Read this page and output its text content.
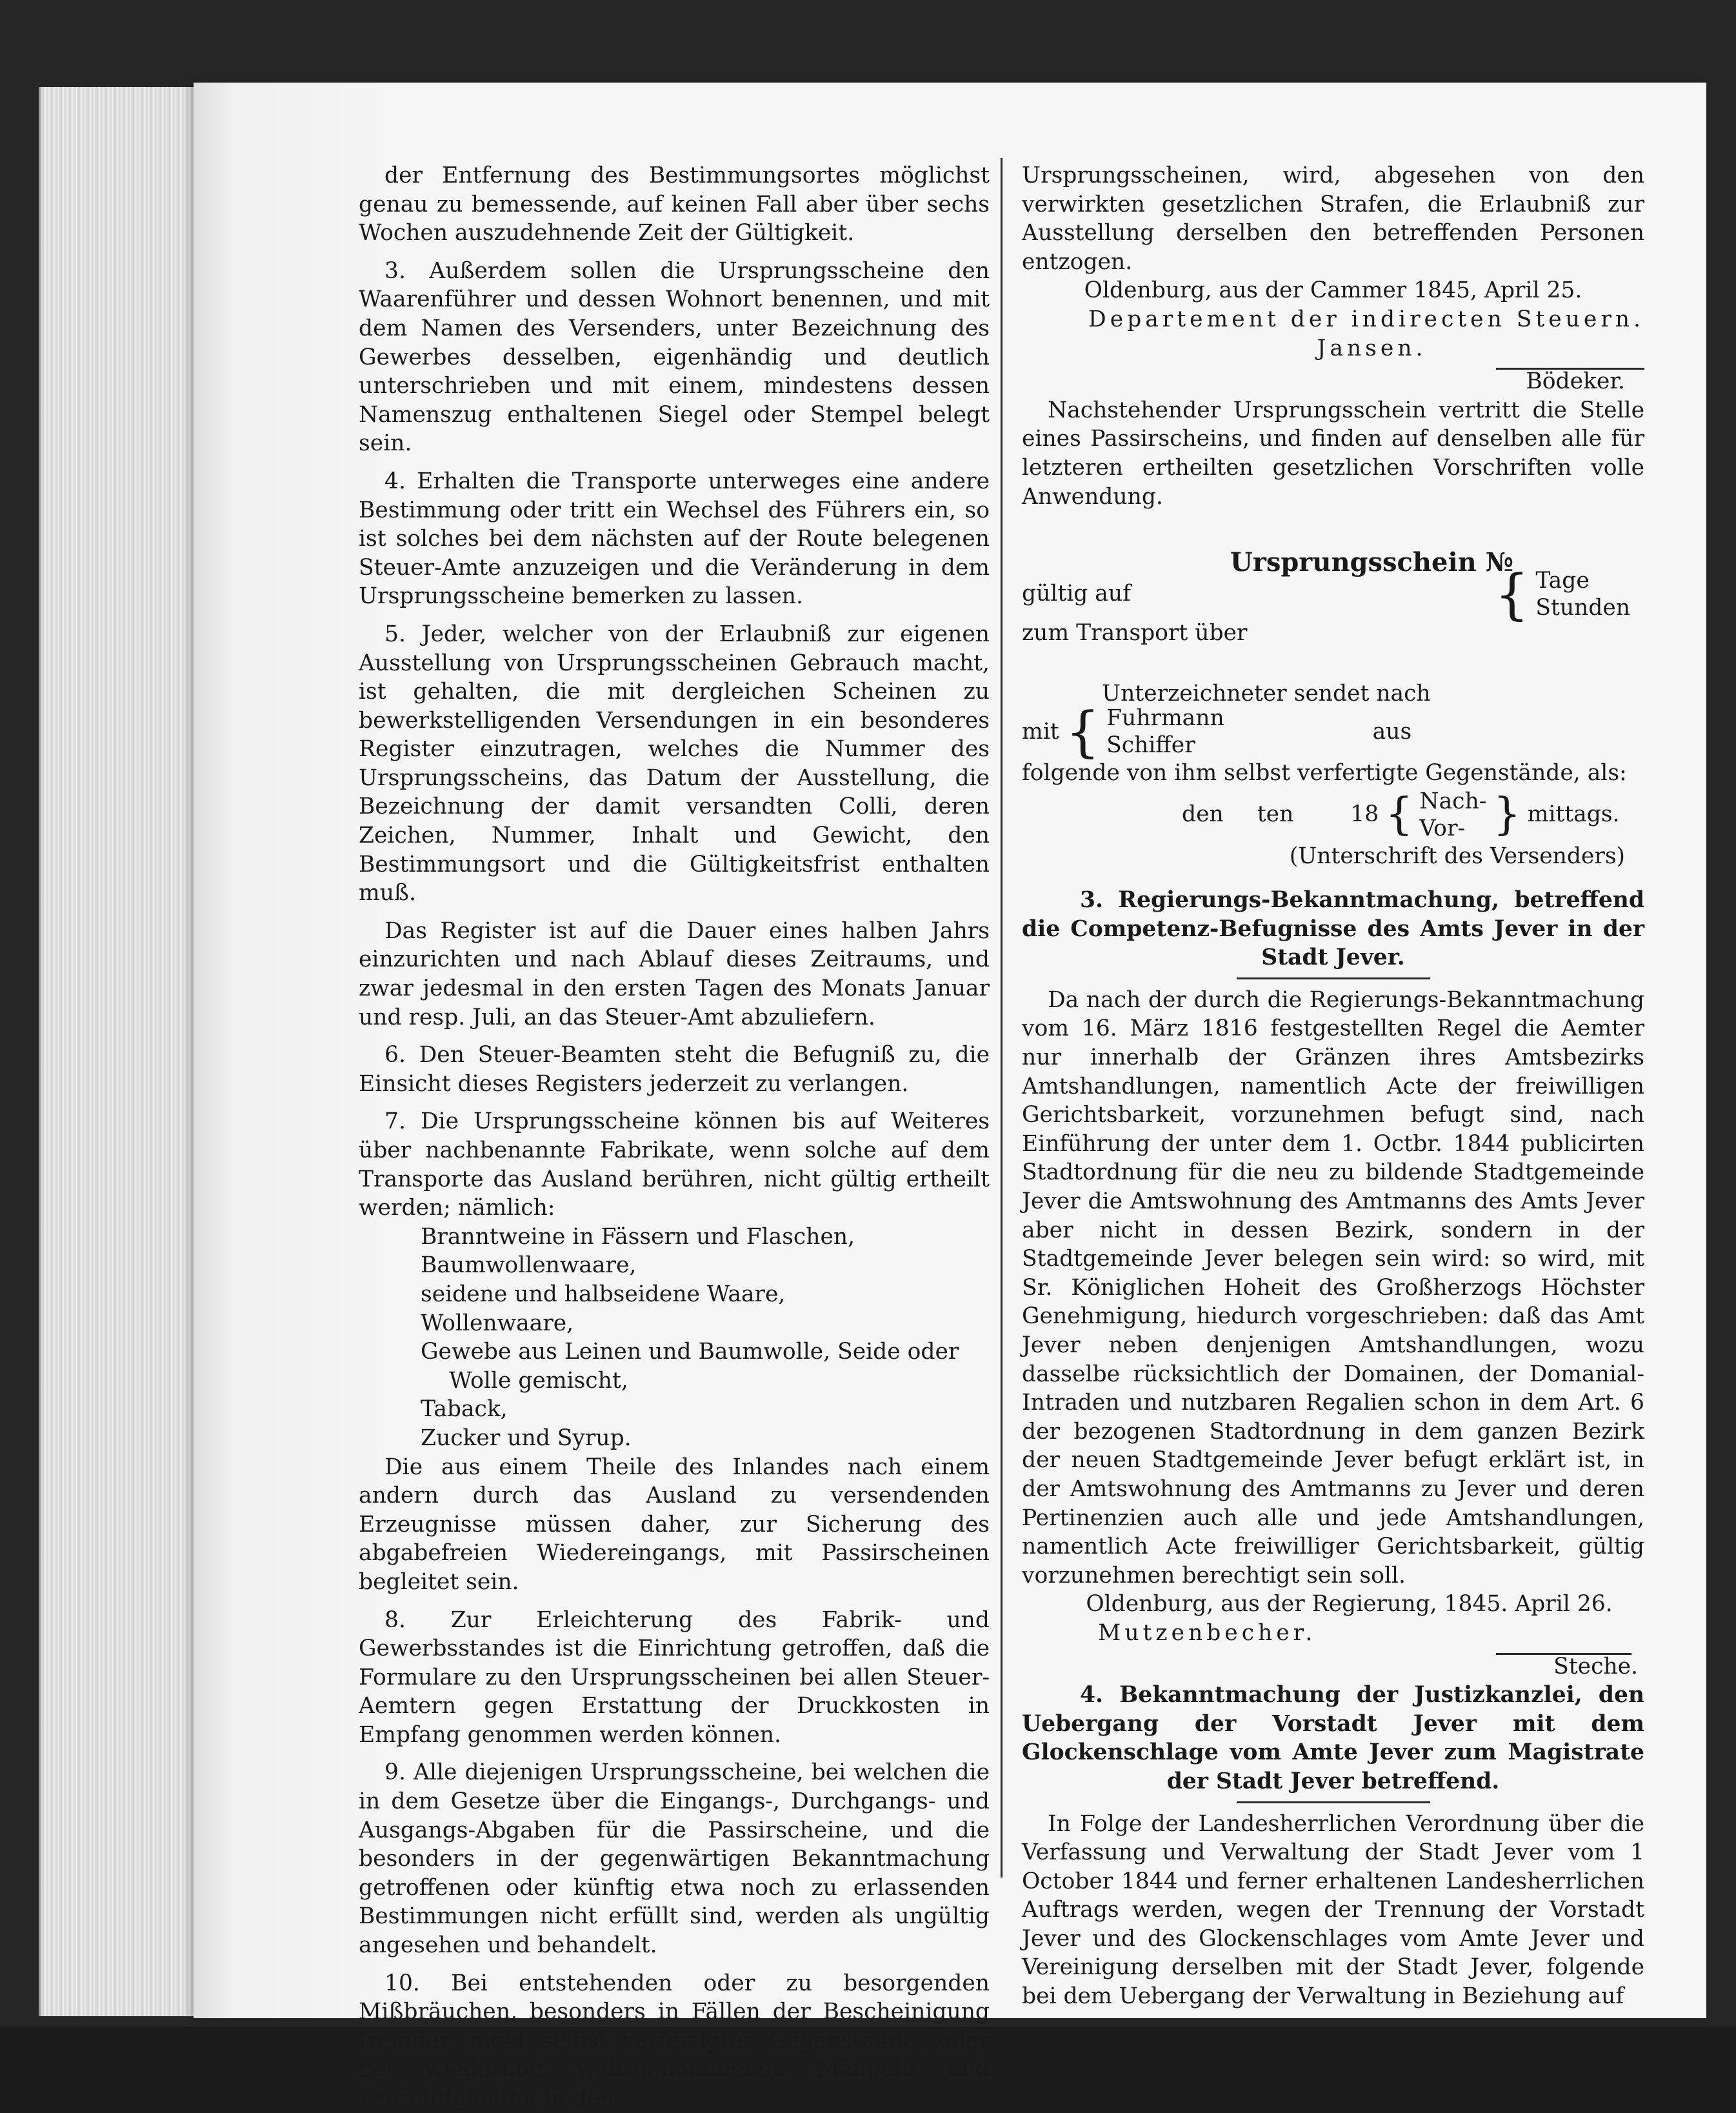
der Entfernung des Bestimmungsortes möglichst genau zu bemessende, auf keinen Fall aber über sechs Wochen auszudehnende Zeit der Gültigkeit.

3. Außerdem sollen die Ursprungsscheine den Waarenführer und dessen Wohnort benennen, und mit dem Namen des Versenders, unter Bezeichnung des Gewerbes desselben, eigenhändig und deutlich unterschrieben und mit einem, mindestens dessen Namenszug enthaltenen Siegel oder Stempel belegt sein.

4. Erhalten die Transporte unterweges eine andere Bestimmung oder tritt ein Wechsel des Führers ein, so ist solches bei dem nächsten auf der Route belegenen Steuer-Amte anzuzeigen und die Veränderung in dem Ursprungsscheine bemerken zu lassen.

5. Jeder, welcher von der Erlaubniß zur eigenen Ausstellung von Ursprungsscheinen Gebrauch macht, ist gehalten, die mit dergleichen Scheinen zu bewerkstelligenden Versendungen in ein besonderes Register einzutragen, welches die Nummer des Ursprungsscheins, das Datum der Ausstellung, die Bezeichnung der damit versandten Colli, deren Zeichen, Nummer, Inhalt und Gewicht, den Bestimmungsort und die Gültigkeitsfrist enthalten muß.

Das Register ist auf die Dauer eines halben Jahrs einzurichten und nach Ablauf dieses Zeitraums, und zwar jedesmal in den ersten Tagen des Monats Januar und resp. Juli, an das Steuer-Amt abzuliefern.

6. Den Steuer-Beamten steht die Befugniß zu, die Einsicht dieses Registers jederzeit zu verlangen.

7. Die Ursprungsscheine können bis auf Weiteres über nachbenannte Fabrikate, wenn solche auf dem Transporte das Ausland berühren, nicht gültig ertheilt werden; nämlich:

Branntweine in Fässern und Flaschen,

Baumwollenwaare,

seidene und halbseidene Waare,

Wollenwaare,

Gewebe aus Leinen und Baumwolle, Seide oder

Wolle gemischt,

Taback,

Zucker und Syrup.

Die aus einem Theile des Inlandes nach einem andern durch das Ausland zu versendenden Erzeugnisse müssen daher, zur Sicherung des abgabefreien Wiedereingangs, mit Passirscheinen begleitet sein.

8. Zur Erleichterung des Fabrik- und Gewerbsstandes ist die Einrichtung getroffen, daß die Formulare zu den Ursprungsscheinen bei allen Steuer-Aemtern gegen Erstattung der Druckkosten in Empfang genommen werden können.

9. Alle diejenigen Ursprungsscheine, bei welchen die in dem Gesetze über die Eingangs-, Durchgangs- und Ausgangs-Abgaben für die Passirscheine, und die besonders in der gegenwärtigen Bekanntmachung getroffenen oder künftig etwa noch zu erlassenden Bestimmungen nicht erfüllt sind, werden als ungültig angesehen und behandelt.

10. Bei entstehenden oder zu besorgenden Mißbräuchen, besonders in Fällen der Bescheinigung fremder, nicht selbst verfertigter Gegenstände, oder bei wiederholt wahrgenommenen Mängeln und Unrichtigkeiten in den

Ursprungsscheinen, wird, abgesehen von den verwirkten gesetzlichen Strafen, die Erlaubniß zur Ausstellung derselben den betreffenden Personen entzogen.

Oldenburg, aus der Cammer 1845, April 25.

Departement der indirecten Steuern.

Jansen.

Bödeker.

Nachstehender Ursprungsschein vertritt die Stelle eines Passirscheins, und finden auf denselben alle für letzteren ertheilten gesetzlichen Vorschriften volle Anwendung.

Ursprungsschein №

gültig auf	{ Tage
Stunden

zum Transport über

Unterzeichneter sendet nach

mit { Fuhrmann
Schiffer
aus

folgende von ihm selbst verfertigte Gegenstände, als:

den ten	18 { Nach-
Vor- } mittags.

(Unterschrift des Versenders)

3. Regierungs-Bekanntmachung, betreffend die Competenz-Befugnisse des Amts Jever in der Stadt Jever.

Da nach der durch die Regierungs-Bekanntmachung vom 16. März 1816 festgestellten Regel die Aemter nur innerhalb der Gränzen ihres Amtsbezirks Amtshandlungen, namentlich Acte der freiwilligen Gerichtsbarkeit, vorzunehmen befugt sind, nach Einführung der unter dem 1. Octbr. 1844 publicirten Stadtordnung für die neu zu bildende Stadtgemeinde Jever die Amtswohnung des Amtmanns des Amts Jever aber nicht in dessen Bezirk, sondern in der Stadtgemeinde Jever belegen sein wird: so wird, mit Sr. Königlichen Hoheit des Großherzogs Höchster Genehmigung, hiedurch vorgeschrieben: daß das Amt Jever neben denjenigen Amtshandlungen, wozu dasselbe rücksichtlich der Domainen, der Domanial-Intraden und nutzbaren Regalien schon in dem Art. 6 der bezogenen Stadtordnung in dem ganzen Bezirk der neuen Stadtgemeinde Jever befugt erklärt ist, in der Amtswohnung des Amtmanns zu Jever und deren Pertinenzien auch alle und jede Amtshandlungen, namentlich Acte freiwilliger Gerichtsbarkeit, gültig vorzunehmen berechtigt sein soll.

Oldenburg, aus der Regierung, 1845. April 26.

Mutzenbecher.

Steche.

4. Bekanntmachung der Justizkanzlei, den Uebergang der Vorstadt Jever mit dem Glockenschlage vom Amte Jever zum Magistrate der Stadt Jever betreffend.

In Folge der Landesherrlichen Verordnung über die Verfassung und Verwaltung der Stadt Jever vom 1 October 1844 und ferner erhaltenen Landesherrlichen Auftrags werden, wegen der Trennung der Vorstadt Jever und des Glockenschlages vom Amte Jever und Vereinigung derselben mit der Stadt Jever, folgende bei dem Uebergang der Verwaltung in Beziehung auf
